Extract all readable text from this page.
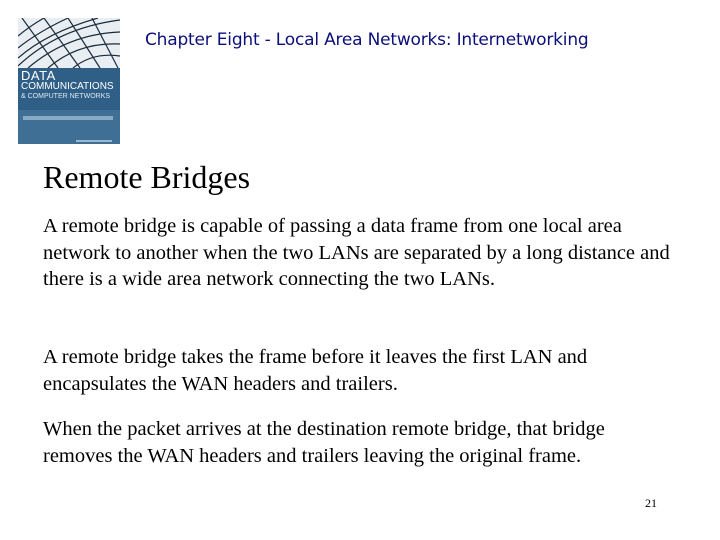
DATA
COMMUNICATIONS
& COMPUTER NETWORKS
Chapter Eight - Local Area Networks: Internetworking
Remote Bridges

A remote bridge is capable of passing a data frame from one local area network to another when the two LANs are separated by a long distance and there is a wide area network connecting the two LANs.

A remote bridge takes the frame before it leaves the first LAN and encapsulates the WAN headers and trailers.

When the packet arrives at the destination remote bridge, that bridge removes the WAN headers and trailers leaving the original frame.

21
